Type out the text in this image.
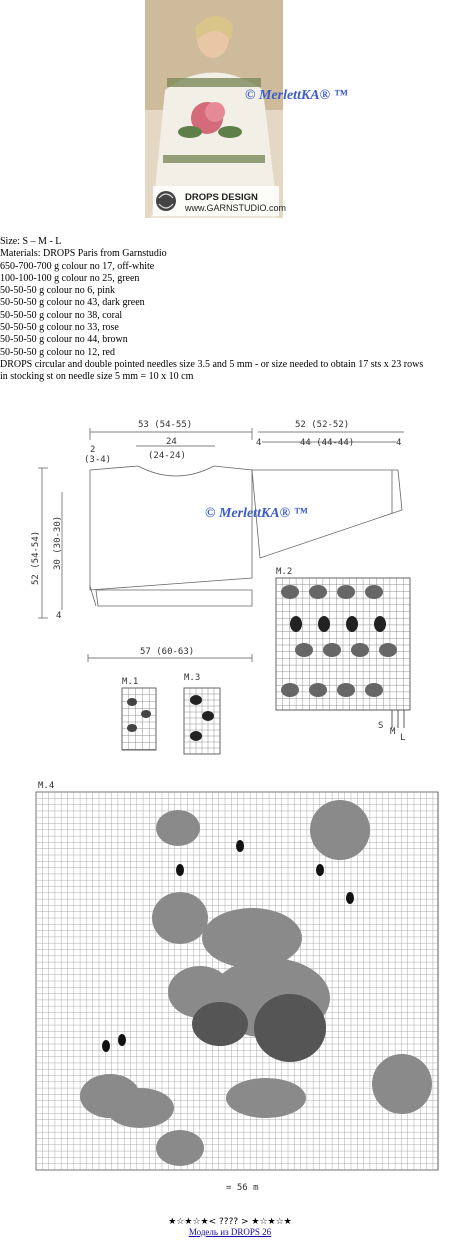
DROPS DESIGN
www.GARNSTUDIO.com
© MerlettKA® ™
Size: S – M - L
Materials: DROPS Paris from Garnstudio
650-700-700 g colour no 17, off-white
100-100-100 g colour no 25, green
50-50-50 g colour no 6, pink
50-50-50 g colour no 43, dark green
50-50-50 g colour no 38, coral
50-50-50 g colour no 33, rose
50-50-50 g colour no 44, brown
50-50-50 g colour no 12, red
DROPS circular and double pointed needles size 3.5 and 5 mm - or size needed to obtain 17 sts x 23 rows in stocking st on needle size 5 mm = 10 x 10 cm
53 (54-55)
24
(24-24)
2
(3-4)
52 (52-52)
44 (44-44)
4	4
52 (54-54) 30 (30-30)
4
57 (60-63)
M.2
S
M
L
M.1	M.3
© MerlettKA® ™
M.4
= 56 m
★☆★☆★< ???? > ★☆★☆★
Модель из DROPS 26
